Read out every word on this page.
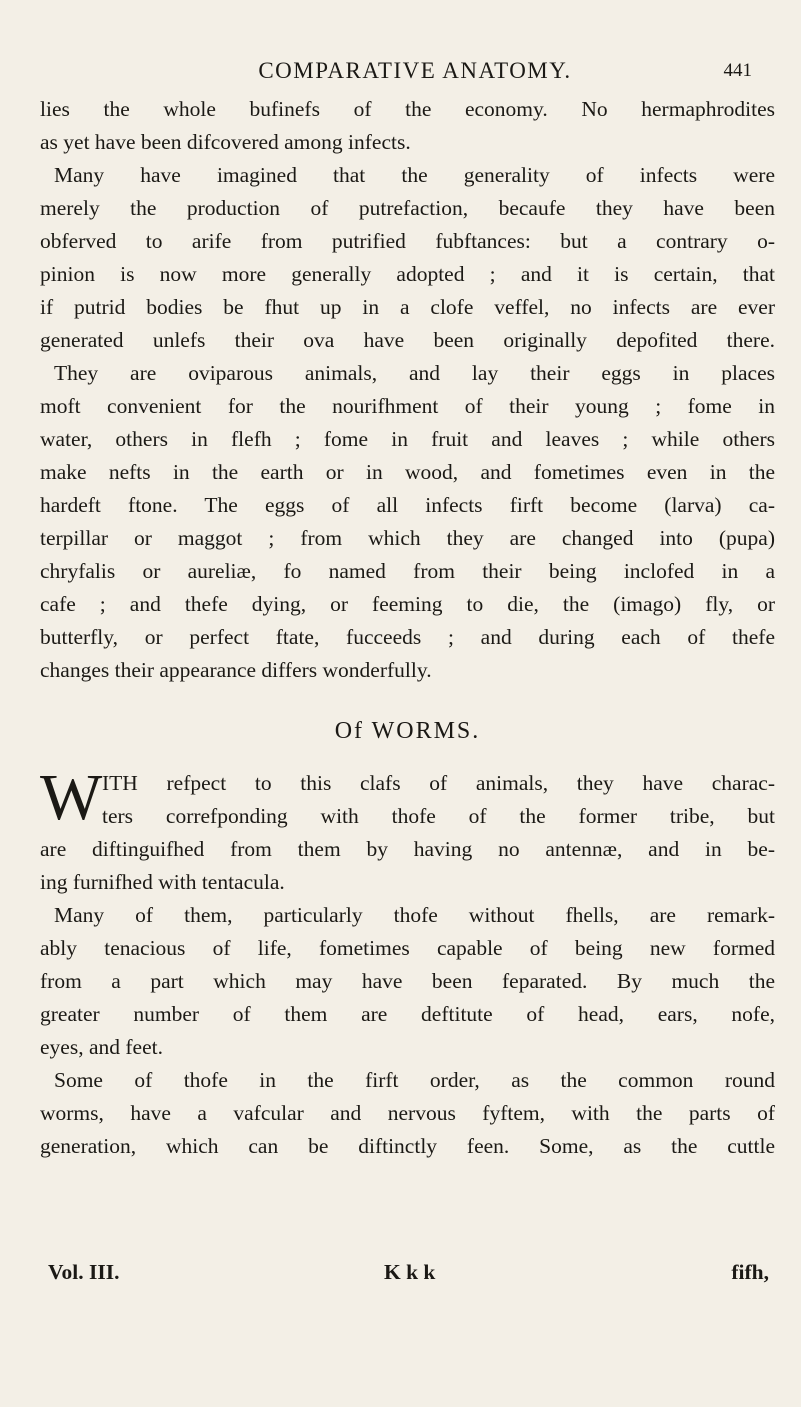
COMPARATIVE ANATOMY.	441
lies the whole bufinefs of the economy. No hermaphrodites
as yet have been difcovered among infects.
Many have imagined that the generality of infects were
merely the production of putrefaction, becaufe they have been
obferved to arife from putrified fubftances: but a contrary o-
pinion is now more generally adopted ; and it is certain, that
if putrid bodies be fhut up in a clofe veffel, no infects are ever
generated unlefs their ova have been originally depofited there.
They are oviparous animals, and lay their eggs in places
moft convenient for the nourifhment of their young ; fome in
water, others in flefh ; fome in fruit and leaves ; while others
make nefts in the earth or in wood, and fometimes even in the
hardeft ftone. The eggs of all infects firft become (larva) ca-
terpillar or maggot ; from which they are changed into (pupa)
chryfalis or aureliæ, fo named from their being inclofed in a
cafe ; and thefe dying, or feeming to die, the (imago) fly, or
butterfly, or perfect ftate, fucceeds ; and during each of thefe
changes their appearance differs wonderfully.
Of WORMS.
W ITH refpect to this clafs of animals, they have charac-
ters correfponding with thofe of the former tribe, but
are diftinguifhed from them by having no antennæ, and in be-
ing furnifhed with tentacula.
Many of them, particularly thofe without fhells, are remark-
ably tenacious of life, fometimes capable of being new formed
from a part which may have been feparated. By much the
greater number of them are deftitute of head, ears, nofe,
eyes, and feet.
Some of thofe in the firft order, as the common round
worms, have a vafcular and nervous fyftem, with the parts of
generation, which can be diftinctly feen. Some, as the cuttle
Vol. III.	K k k	fifh,
